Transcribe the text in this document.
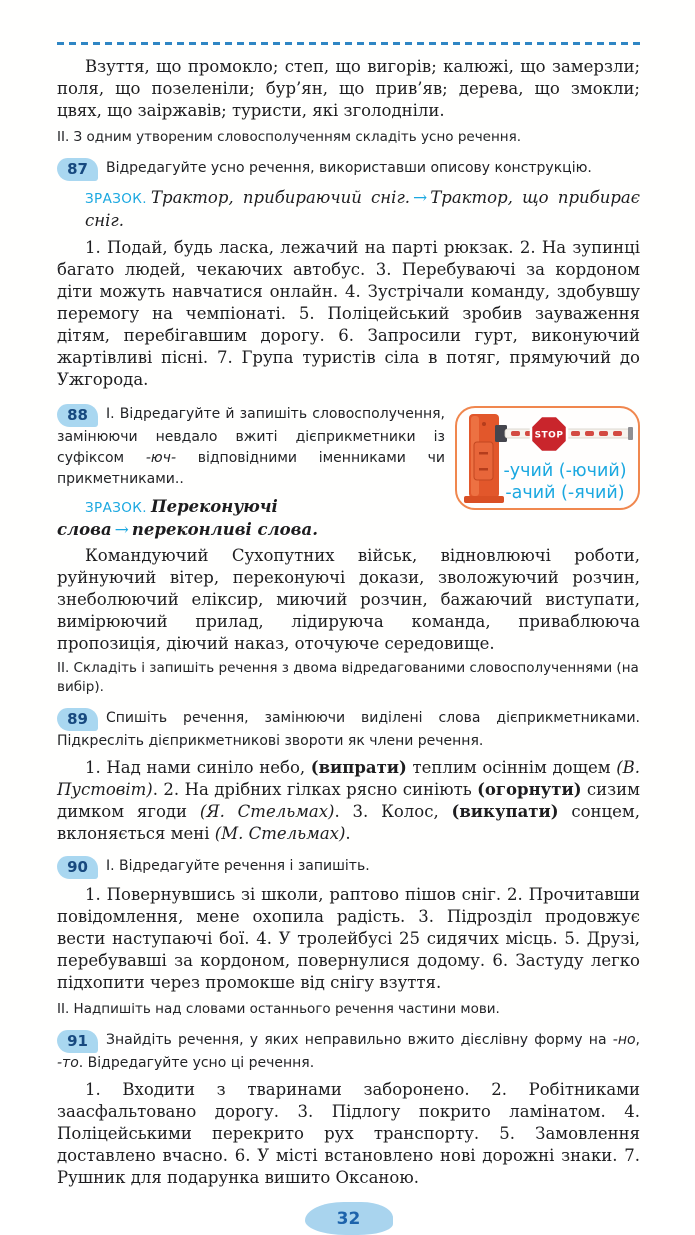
Взуття, що промокло; степ, що вигорів; калюжі, що замерзли; поля, що позеленіли; бур’ян, що прив’яв; дерева, що змокли; цвях, що заіржавів; туристи, які зголодніли.

II. З одним утвореним словосполученням складіть усно речення.

87 Відредагуйте усно речення, використавши описову конструкцію.

ЗРАЗОК. Трактор, прибираючий сніг. → Трактор, що прибирає сніг.

1. Подай, будь ласка, лежачий на парті рюкзак. 2. На зупинці багато людей, чекаючих автобус. 3. Перебуваючі за кордоном діти можуть навчатися онлайн. 4. Зустрічали команду, здобувшу перемогу на чемпіонаті. 5. Поліцейський зробив зауваження дітям, перебігавшим дорогу. 6. Запросили гурт, виконуючий жартівливі пісні. 7. Група туристів сіла в потяг, прямуючий до Ужгорода.

STOP
-учий (-ючий)
-ачий (-ячий)

88 І. Відредагуйте й запишіть словосполучення, замінюючи невдало вжиті дієприкметники із суфіксом -юч- відповідними іменниками чи прикметниками..

ЗРАЗОК. Переконуючі слова → переконливі слова.

Командуючий Сухопутних військ, відновлюючі роботи, руйнуючий вітер, переконуючі докази, зволожуючий розчин, знеболюючий еліксир, миючий розчин, бажаючий виступати, вимірюючий прилад, лідируюча команда, приваблююча пропозиція, діючий наказ, оточуюче середовище.

II. Складіть і запишіть речення з двома відредагованими словосполученнями (на вибір).

89 Спишіть речення, замінюючи виділені слова дієприкметниками. Підкресліть дієприкметникові звороти як члени речення.

1. Над нами синіло небо, (випрати) теплим осіннім дощем (В. Пустовіт). 2. На дрібних гілках рясно синіють (огорнути) сизим димком ягоди (Я. Стельмах). 3. Колос, (викупати) сонцем, вклоняється мені (М. Стельмах).

90 І. Відредагуйте речення і запишіть.

1. Повернувшись зі школи, раптово пішов сніг. 2. Прочитавши повідомлення, мене охопила радість. 3. Підрозділ продовжує вести наступаючі бої. 4. У тролейбусі 25 сидячих місць. 5. Друзі, перебувавші за кордоном, повернулися додому. 6. Застуду легко підхопити через промокше від снігу взуття.

II. Надпишіть над словами останнього речення частини мови.

91 Знайдіть речення, у яких неправильно вжито дієслівну форму на -но, -то. Відредагуйте усно ці речення.

1. Входити з тваринами заборонено. 2. Робітниками заасфальтовано дорогу. 3. Підлогу покрито ламінатом. 4. Поліцейськими перекрито рух транспорту. 5. Замовлення доставлено вчасно. 6. У місті встановлено нові дорожні знаки. 7. Рушник для подарунка вишито Оксаною.

32
